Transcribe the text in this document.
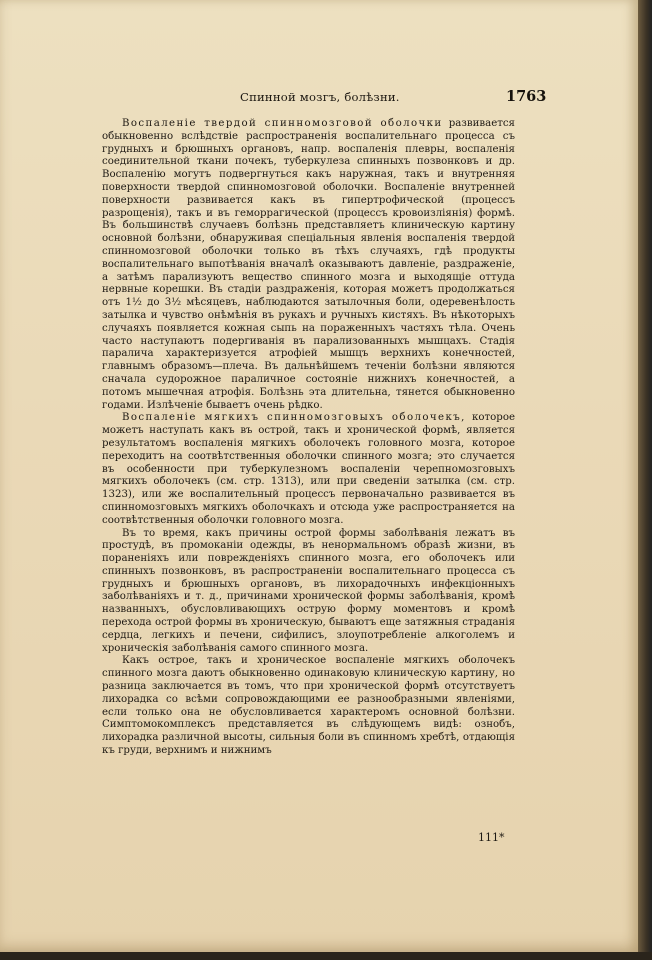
Спинной мозгъ, болѣзни.	1763

Воспаленіе твердой спинномозговой оболочки развивается обыкновенно вслѣдствіе распространенія воспалительнаго процесса съ грудныхъ и брюшныхъ органовъ, напр. воспаленія плевры, воспаленія соединительной ткани почекъ, туберкулеза спинныхъ позвонковъ и др. Воспаленію могутъ подвергнуться какъ наружная, такъ и внутренняя поверхности твердой спинномозговой оболочки. Воспаленіе внутренней поверхности развивается какъ въ гипертрофической (процессъ разрощенія), такъ и въ геморрагической (процессъ кровоизліянія) формѣ. Въ большинствѣ случаевъ болѣзнь представляетъ клиническую картину основной болѣзни, обнаруживая спеціальныя явленія воспаленія твердой спинномозговой оболочки только въ тѣхъ случаяхъ, гдѣ продукты воспалительнаго выпотѣванія вначалѣ оказываютъ давленіе, раздраженіе, а затѣмъ парализуютъ вещество спинного мозга и выходящіе оттуда нервные корешки. Въ стадіи раздраженія, которая можетъ продолжаться отъ 1½ до 3½ мѣсяцевъ, наблюдаются затылочныя боли, одеревенѣлость затылка и чувство онѣмѣнія въ рукахъ и ручныхъ кистяхъ. Въ нѣкоторыхъ случаяхъ появляется кожная сыпь на пораженныхъ частяхъ тѣла. Очень часто наступаютъ подергиванія въ парализованныхъ мышцахъ. Стадія паралича характеризуется атрофіей мышцъ верхнихъ конечностей, главнымъ образомъ—плеча. Въ дальнѣйшемъ теченіи болѣзни являются сначала судорожное параличное состояніе нижнихъ конечностей, а потомъ мышечная атрофія. Болѣзнь эта длительна, тянется обыкновенно годами. Излѣченіе бываетъ очень рѣдко.

Воспаленіе мягкихъ спинномозговыхъ оболочекъ, которое можетъ наступать какъ въ острой, такъ и хронической формѣ, является результатомъ воспаленія мягкихъ оболочекъ головного мозга, которое переходитъ на соотвѣтственныя оболочки спинного мозга; это случается въ особенности при туберкулезномъ воспаленіи черепномозговыхъ мягкихъ оболочекъ (см. стр. 1313), или при сведеніи затылка (см. стр. 1323), или же воспалительный процессъ первоначально развивается въ спинномозговыхъ мягкихъ оболочкахъ и отсюда уже распространяется на соотвѣтственныя оболочки головного мозга.

Въ то время, какъ причины острой формы заболѣванія лежатъ въ простудѣ, въ промоканіи одежды, въ ненормальномъ образѣ жизни, въ пораненіяхъ или поврежденіяхъ спинного мозга, его оболочекъ или спинныхъ позвонковъ, въ распространеніи воспалительнаго процесса съ грудныхъ и брюшныхъ органовъ, въ лихорадочныхъ инфекціонныхъ заболѣваніяхъ и т. д., причинами хронической формы заболѣванія, кромѣ названныхъ, обусловливающихъ острую форму моментовъ и кромѣ перехода острой формы въ хроническую, бываютъ еще затяжныя страданія сердца, легкихъ и печени, сифилисъ, злоупотребленіе алкоголемъ и хроническія заболѣванія самого спинного мозга.

Какъ острое, такъ и хроническое воспаленіе мягкихъ оболочекъ спинного мозга даютъ обыкновенно одинаковую клиническую картину, но разница заключается въ томъ, что при хронической формѣ отсутствуетъ лихорадка со всѣми сопровождающими ее разнообразными явленіями, если только она не обусловливается характеромъ основной болѣзни. Симптомокомплексъ представляется въ слѣдующемъ видѣ: ознобъ, лихорадка различной высоты, сильныя боли въ спинномъ хребтѣ, отдающія къ груди, верхнимъ и нижнимъ

111*
